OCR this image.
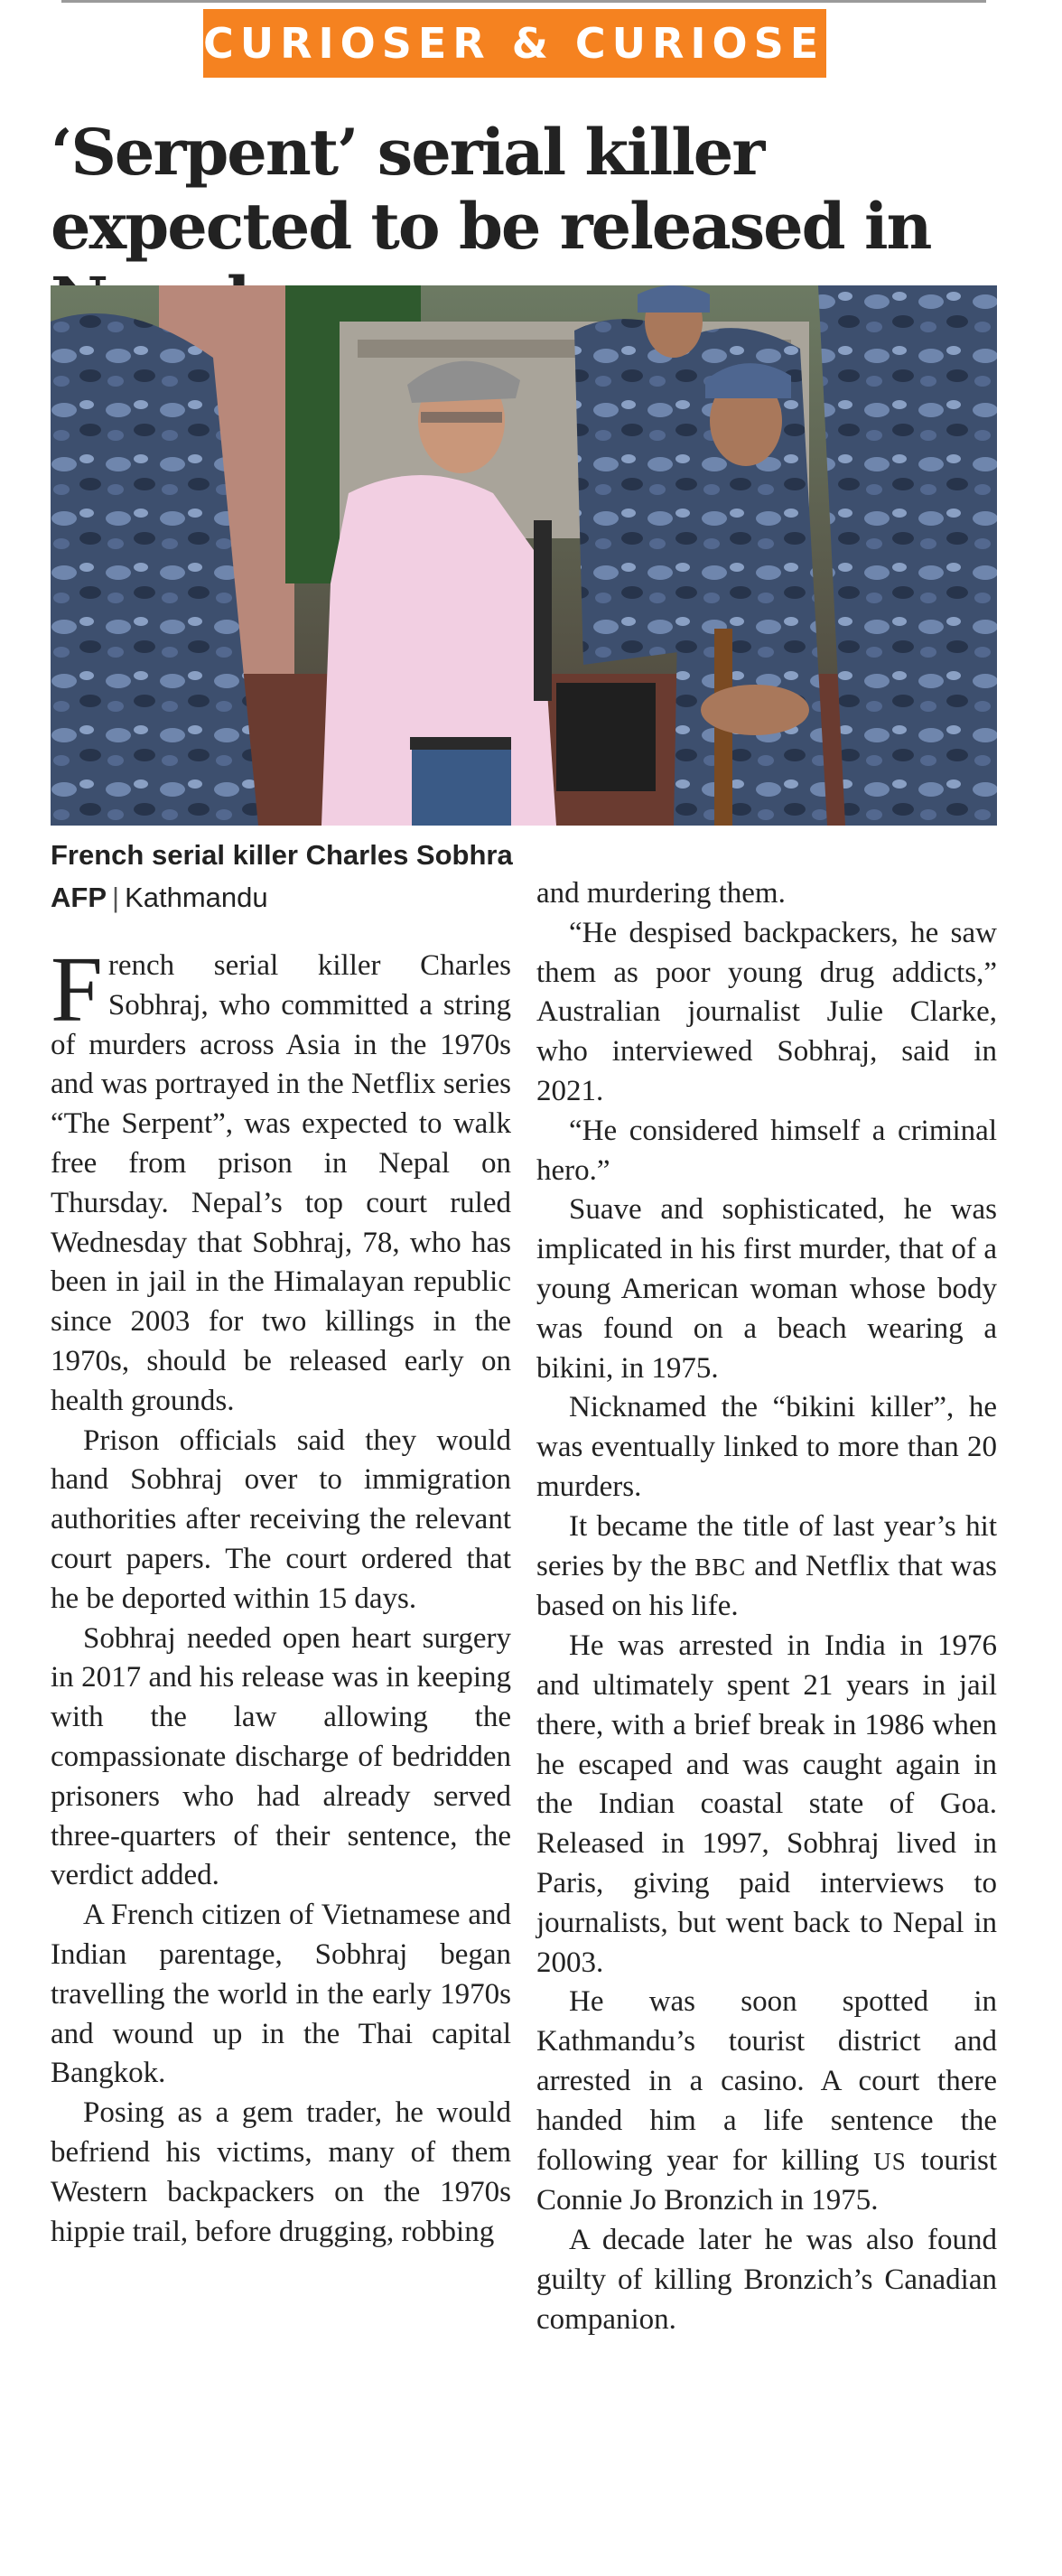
CURIOSER & CURIOSER
‘Serpent’ serial killer expected to be released in

French serial killer Charles Sobhra

AFP | Kathmandu

French serial killer Charles Sobhraj, who committed a string of murders across Asia in the 1970s and was portrayed in the Netflix series “The Serpent”, was expected to walk free from prison in Nepal on Thursday. Nepal’s top court ruled Wednesday that Sobhraj, 78, who has been in jail in the Himalayan republic since 2003 for two killings in the 1970s, should be released early on health grounds.

Prison officials said they would hand Sobhraj over to immigration authorities after receiving the relevant court papers. The court ordered that he be deported within 15 days.

Sobhraj needed open heart surgery in 2017 and his release was in keeping with the law allowing the compassionate discharge of bedridden prisoners who had already served three-quarters of their sentence, the verdict added.

A French citizen of Vietnamese and Indian parentage, Sobhraj began travelling the world in the early 1970s and wound up in the Thai capital Bangkok.

Posing as a gem trader, he would befriend his victims, many of them Western backpackers on the 1970s hippie trail, before drugging, robbing

and murdering them.

“He despised backpackers, he saw them as poor young drug addicts,” Australian journalist Julie Clarke, who interviewed Sobhraj, said in 2021.

“He considered himself a criminal hero.”

Suave and sophisticated, he was implicated in his first murder, that of a young American woman whose body was found on a beach wearing a bikini, in 1975.

Nicknamed the “bikini killer”, he was eventually linked to more than 20 murders.

It became the title of last year’s hit series by the BBC and Netflix that was based on his life.

He was arrested in India in 1976 and ultimately spent 21 years in jail there, with a brief break in 1986 when he escaped and was caught again in the Indian coastal state of Goa. Released in 1997, Sobhraj lived in Paris, giving paid interviews to journalists, but went back to Nepal in 2003.

He was soon spotted in Kathmandu’s tourist district and arrested in a casino. A court there handed him a life sentence the following year for killing US tourist Connie Jo Bronzich in 1975.

A decade later he was also found guilty of killing Bronzich’s Canadian companion.
